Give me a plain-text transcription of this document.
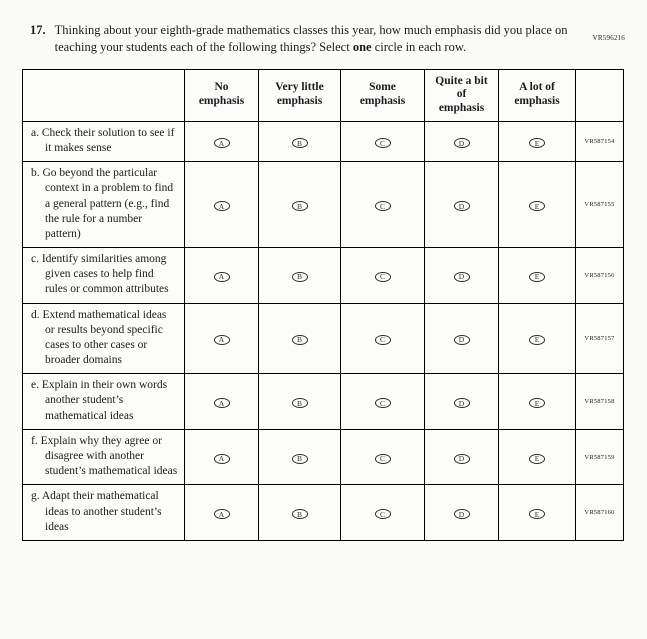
VR596216
17. Thinking about your eighth-grade mathematics classes this year, how much emphasis did you place on teaching your students each of the following things? Select one circle in each row.
	No emphasis	Very little emphasis	Some emphasis	Quite a bit of emphasis	A lot of emphasis	
a. Check their solution to see if it makes sense	A	B	C	D	E	VR587154
b. Go beyond the particular context in a problem to find a general pattern (e.g., find the rule for a number pattern)	A	B	C	D	E	VR587155
c. Identify similarities among given cases to help find rules or common attributes	A	B	C	D	E	VR587156
d. Extend mathematical ideas or results beyond specific cases to other cases or broader domains	A	B	C	D	E	VR587157
e. Explain in their own words another student’s mathematical ideas	A	B	C	D	E	VR587158
f. Explain why they agree or disagree with another student’s mathematical ideas	A	B	C	D	E	VR587159
g. Adapt their mathematical ideas to another student’s ideas	A	B	C	D	E	VR587160
